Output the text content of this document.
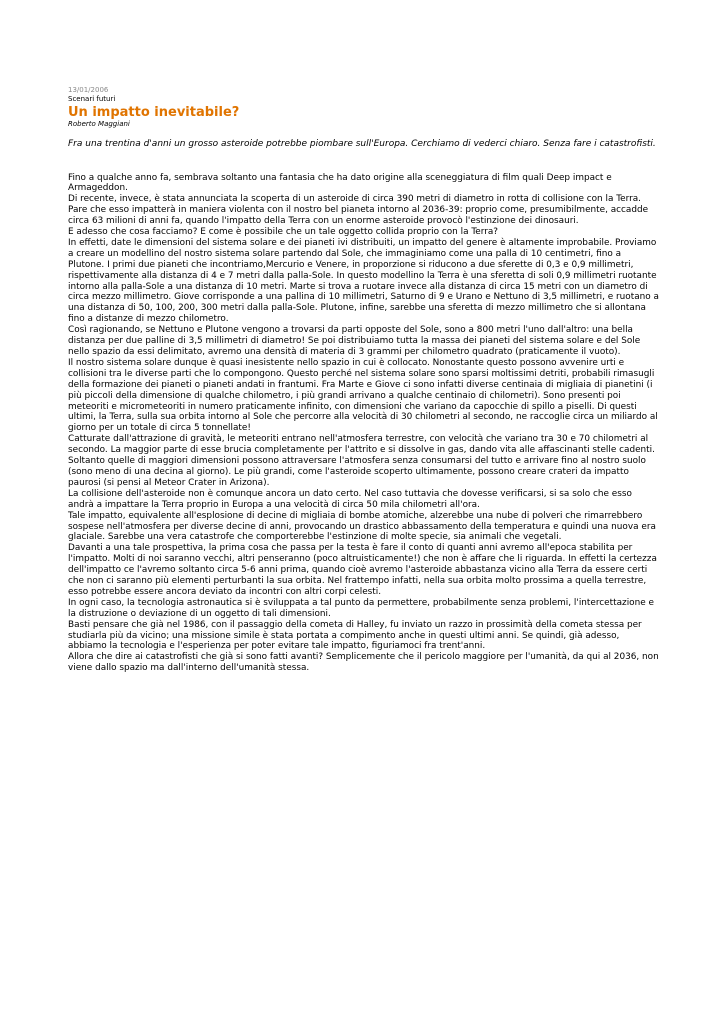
13/01/2006
Scenari futuri
Un impatto inevitabile?
Roberto Maggiani
Fra una trentina d'anni un grosso asteroide potrebbe piombare sull'Europa. Cerchiamo di vederci chiaro. Senza fare i catastrofisti.

Fino a qualche anno fa, sembrava soltanto una fantasia che ha dato origine alla sceneggiatura di film quali Deep impact e Armageddon.

Di recente, invece, è stata annunciata la scoperta di un asteroide di circa 390 metri di diametro in rotta di collisione con la Terra.

Pare che esso impatterà in maniera violenta con il nostro bel pianeta intorno al 2036-39: proprio come, presumibilmente, accadde circa 63 milioni di anni fa, quando l'impatto della Terra con un enorme asteroide provocò l'estinzione dei dinosauri.

E adesso che cosa facciamo? E come è possibile che un tale oggetto collida proprio con la Terra?

In effetti, date le dimensioni del sistema solare e dei pianeti ivi distribuiti, un impatto del genere è altamente improbabile. Proviamo a creare un modellino del nostro sistema solare partendo dal Sole, che immaginiamo come una palla di 10 centimetri, fino a Plutone. I primi due pianeti che incontriamo,Mercurio e Venere, in proporzione si riducono a due sferette di 0,3 e 0,9 millimetri, rispettivamente alla distanza di 4 e 7 metri dalla palla-Sole. In questo modellino la Terra è una sferetta di soli 0,9 millimetri ruotante intorno alla palla-Sole a una distanza di 10 metri. Marte si trova a ruotare invece alla distanza di circa 15 metri con un diametro di circa mezzo millimetro. Giove corrisponde a una pallina di 10 millimetri, Saturno di 9 e Urano e Nettuno di 3,5 millimetri, e ruotano a una distanza di 50, 100, 200, 300 metri dalla palla-Sole. Plutone, infine, sarebbe una sferetta di mezzo millimetro che si allontana fino a distanze di mezzo chilometro.

Così ragionando, se Nettuno e Plutone vengono a trovarsi da parti opposte del Sole, sono a 800 metri l'uno dall'altro: una bella distanza per due palline di 3,5 millimetri di diametro! Se poi distribuiamo tutta la massa dei pianeti del sistema solare e del Sole nello spazio da essi delimitato, avremo una densità di materia di 3 grammi per chilometro quadrato (praticamente il vuoto).

Il nostro sistema solare dunque è quasi inesistente nello spazio in cui è collocato. Nonostante questo possono avvenire urti e collisioni tra le diverse parti che lo compongono. Questo perché nel sistema solare sono sparsi moltissimi detriti, probabili rimasugli della formazione dei pianeti o pianeti andati in frantumi. Fra Marte e Giove ci sono infatti diverse centinaia di migliaia di pianetini (i più piccoli della dimensione di qualche chilometro, i più grandi arrivano a qualche centinaio di chilometri). Sono presenti poi meteoriti e micrometeoriti in numero praticamente infinito, con dimensioni che variano da capocchie di spillo a piselli. Di questi ultimi, la Terra, sulla sua orbita intorno al Sole che percorre alla velocità di 30 chilometri al secondo, ne raccoglie circa un miliardo al giorno per un totale di circa 5 tonnellate!

Catturate dall'attrazione di gravità, le meteoriti entrano nell'atmosfera terrestre, con velocità che variano tra 30 e 70 chilometri al secondo. La maggior parte di esse brucia completamente per l'attrito e si dissolve in gas, dando vita alle affascinanti stelle cadenti.

Soltanto quelle di maggiori dimensioni possono attraversare l'atmosfera senza consumarsi del tutto e arrivare fino al nostro suolo (sono meno di una decina al giorno). Le più grandi, come l'asteroide scoperto ultimamente, possono creare crateri da impatto paurosi (si pensi al Meteor Crater in Arizona).

La collisione dell'asteroide non è comunque ancora un dato certo. Nel caso tuttavia che dovesse verificarsi, si sa solo che esso andrà a impattare la Terra proprio in Europa a una velocità di circa 50 mila chilometri all'ora.

Tale impatto, equivalente all'esplosione di decine di migliaia di bombe atomiche, alzerebbe una nube di polveri che rimarrebbero sospese nell'atmosfera per diverse decine di anni, provocando un drastico abbassamento della temperatura e quindi una nuova era glaciale. Sarebbe una vera catastrofe che comporterebbe l'estinzione di molte specie, sia animali che vegetali.

Davanti a una tale prospettiva, la prima cosa che passa per la testa è fare il conto di quanti anni avremo all'epoca stabilita per l'impatto. Molti di noi saranno vecchi, altri penseranno (poco altruisticamente!) che non è affare che li riguarda. In effetti la certezza dell'impatto ce l'avremo soltanto circa 5-6 anni prima, quando cioè avremo l'asteroide abbastanza vicino alla Terra da essere certi che non ci saranno più elementi perturbanti la sua orbita. Nel frattempo infatti, nella sua orbita molto prossima a quella terrestre, esso potrebbe essere ancora deviato da incontri con altri corpi celesti.

In ogni caso, la tecnologia astronautica si è sviluppata a tal punto da permettere, probabilmente senza problemi, l'intercettazione e la distruzione o deviazione di un oggetto di tali dimensioni.

Basti pensare che già nel 1986, con il passaggio della cometa di Halley, fu inviato un razzo in prossimità della cometa stessa per studiarla più da vicino; una missione simile è stata portata a compimento anche in questi ultimi anni. Se quindi, già adesso, abbiamo la tecnologia e l'esperienza per poter evitare tale impatto, figuriamoci fra trent'anni.

Allora che dire ai catastrofisti che già si sono fatti avanti? Semplicemente che il pericolo maggiore per l'umanità, da qui al 2036, non viene dallo spazio ma dall'interno dell'umanità stessa.
